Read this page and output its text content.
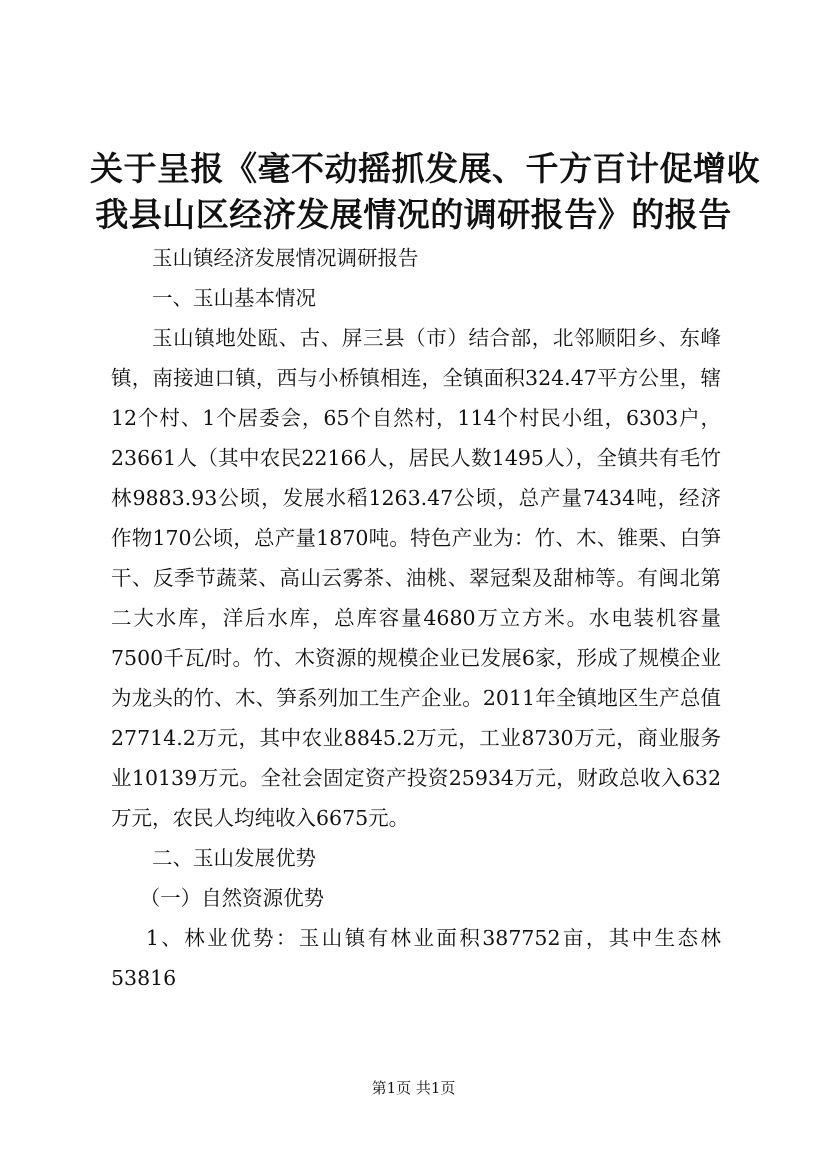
关于呈报《毫不动摇抓发展、千方百计促增收
我县山区经济发展情况的调研报告》的报告

玉山镇经济发展情况调研报告

一、玉山基本情况

玉山镇地处瓯、古、屏三县（市）结合部，北邻顺阳乡、东峰镇，南接迪口镇，西与小桥镇相连，全镇面积324.47平方公里，辖12个村、1个居委会，65个自然村，114个村民小组，6303户，23661人（其中农民22166人，居民人数1495人），全镇共有毛竹林9883.93公顷，发展水稻1263.47公顷，总产量7434吨，经济作物170公顷，总产量1870吨。特色产业为：竹、木、锥栗、白笋干、反季节蔬菜、高山云雾茶、油桃、翠冠梨及甜柿等。有闽北第二大水库，洋后水库，总库容量4680万立方米。水电装机容量7500千瓦/时。竹、木资源的规模企业已发展6家，形成了规模企业为龙头的竹、木、笋系列加工生产企业。2011年全镇地区生产总值27714.2万元，其中农业8845.2万元，工业8730万元，商业服务业10139万元。全社会固定资产投资25934万元，财政总收入632万元，农民人均纯收入6675元。

二、玉山发展优势

（一）自然资源优势

1、林业优势：玉山镇有林业面积387752亩，其中生态林53816

第1页 共1页
